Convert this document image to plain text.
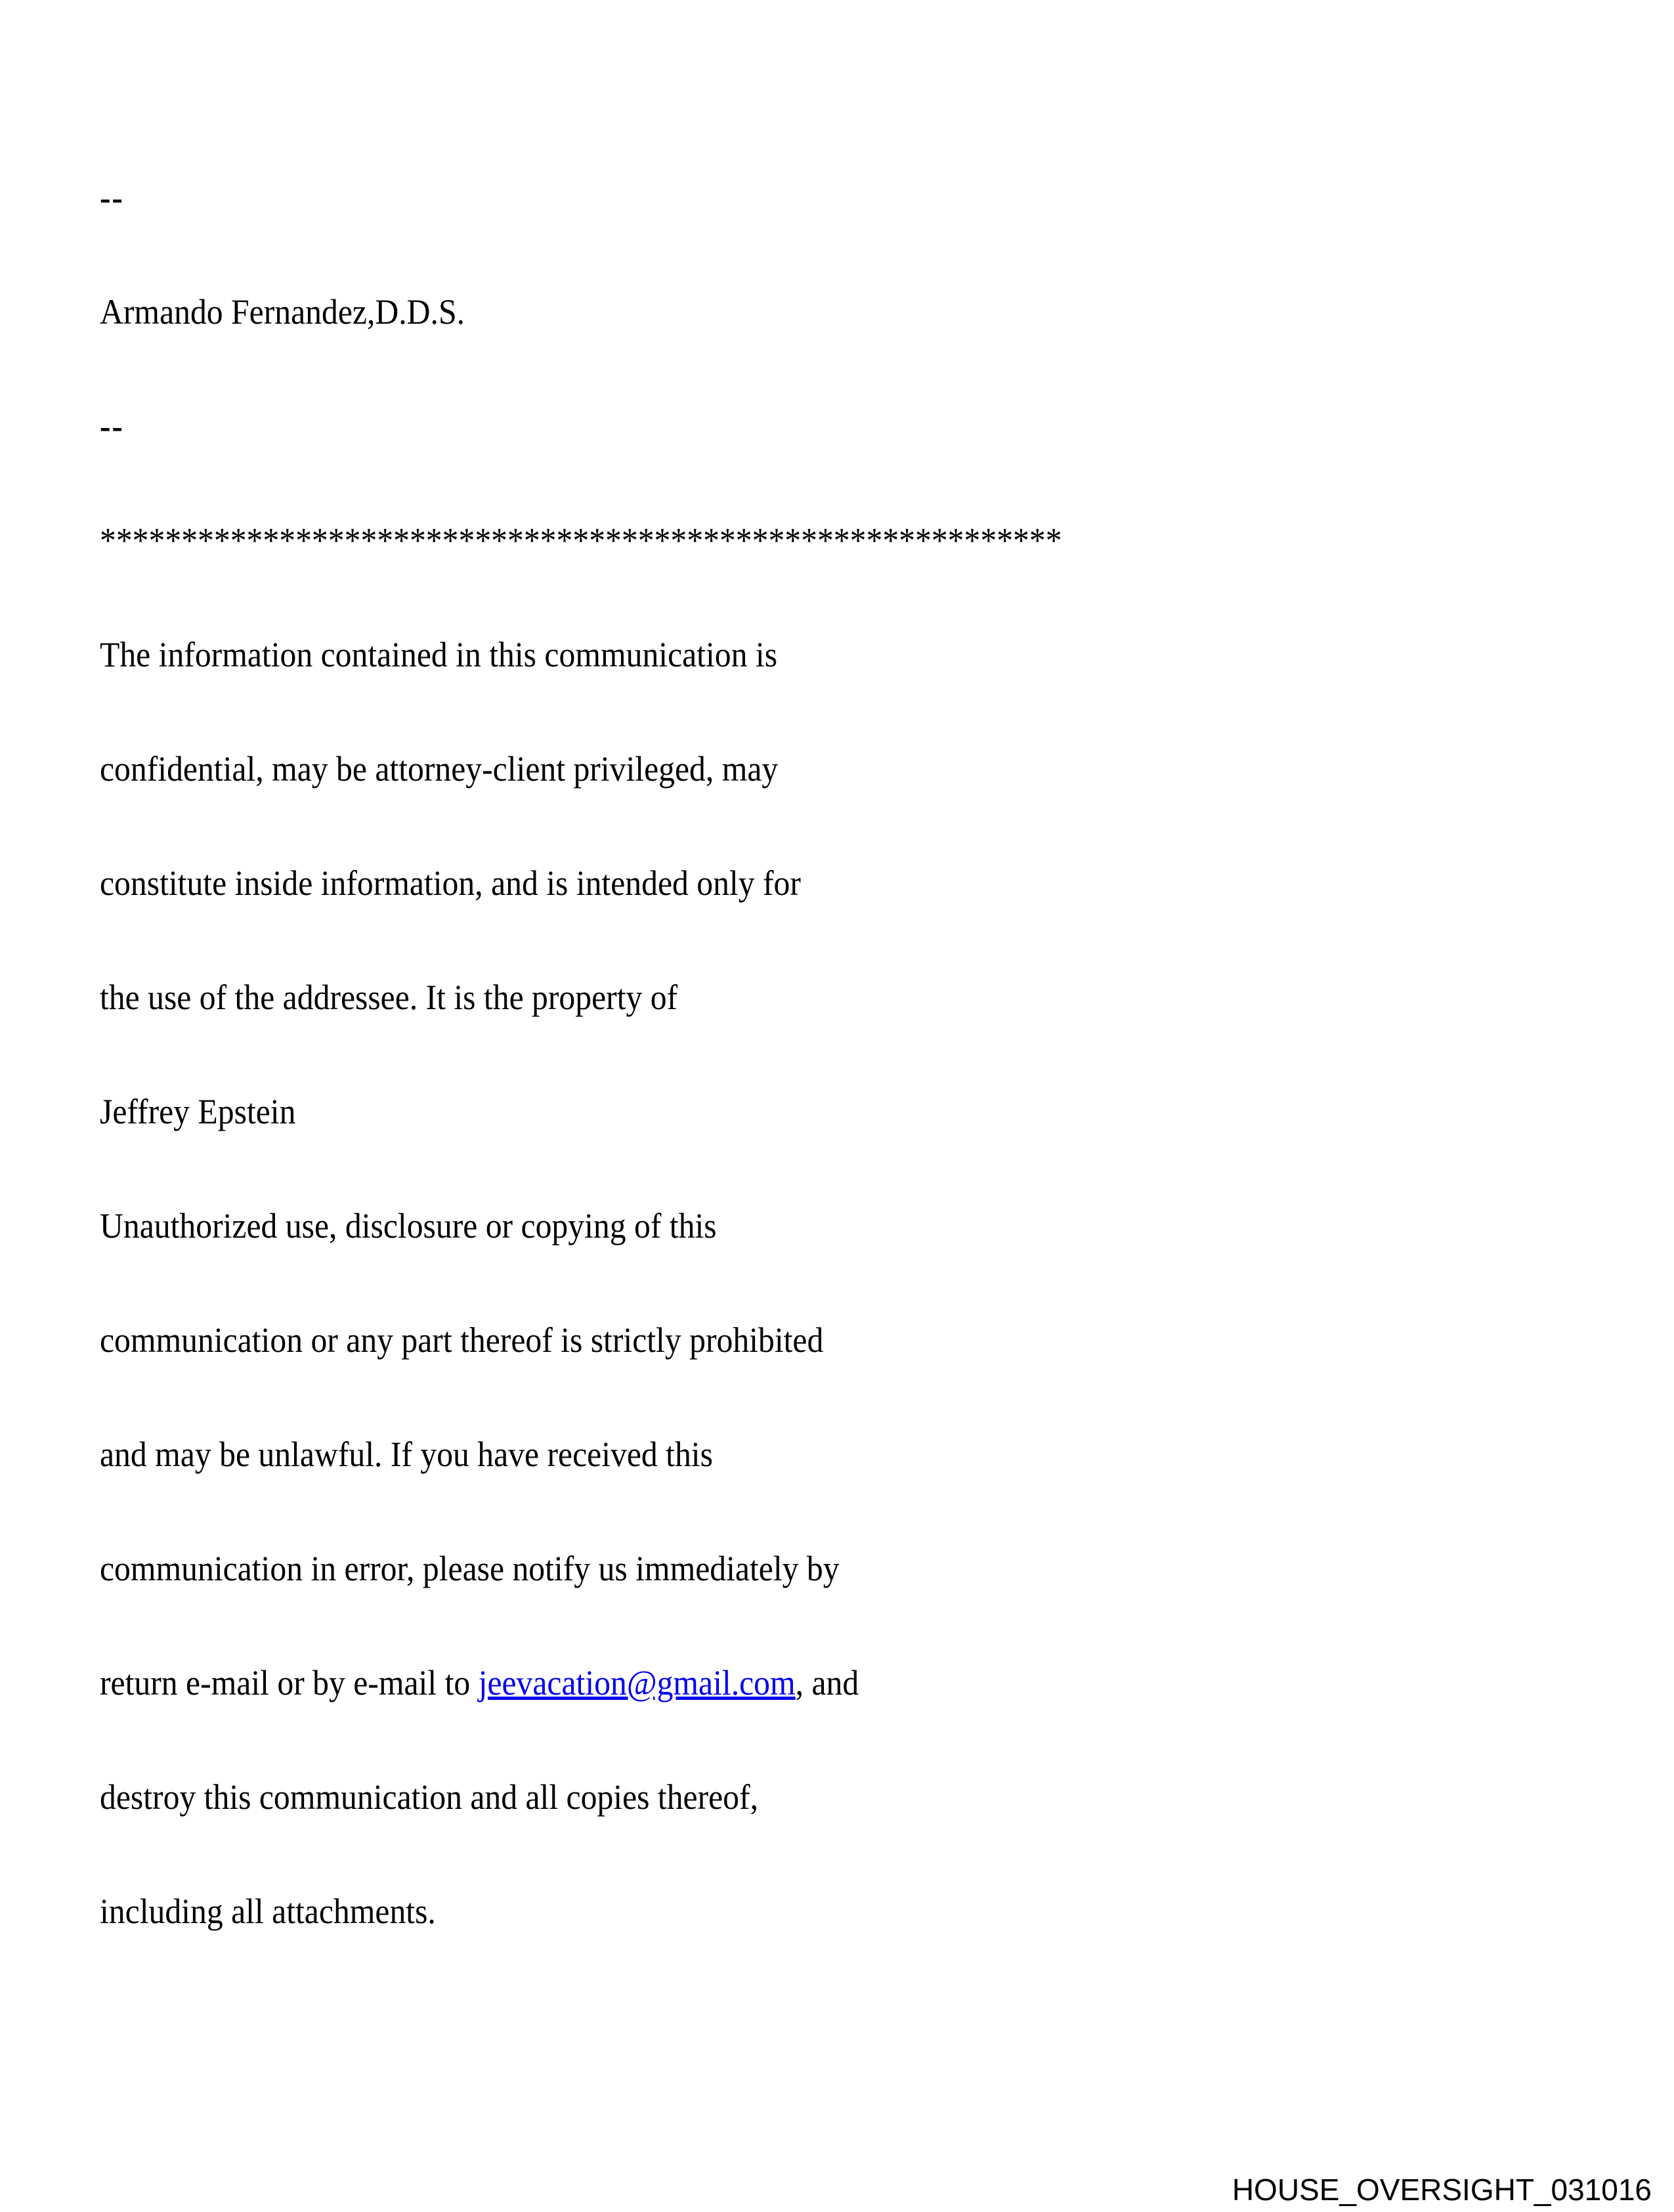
--

Armando Fernandez,D.D.S.

--

***********************************************************

The information contained in this communication is

confidential, may be attorney-client privileged, may

constitute inside information, and is intended only for

the use of the addressee. It is the property of

Jeffrey Epstein

Unauthorized use, disclosure or copying of this

communication or any part thereof is strictly prohibited

and may be unlawful. If you have received this

communication in error, please notify us immediately by

return e-mail or by e-mail to jeevacation@gmail.com, and

destroy this communication and all copies thereof,

including all attachments.

HOUSE_OVERSIGHT_031016
